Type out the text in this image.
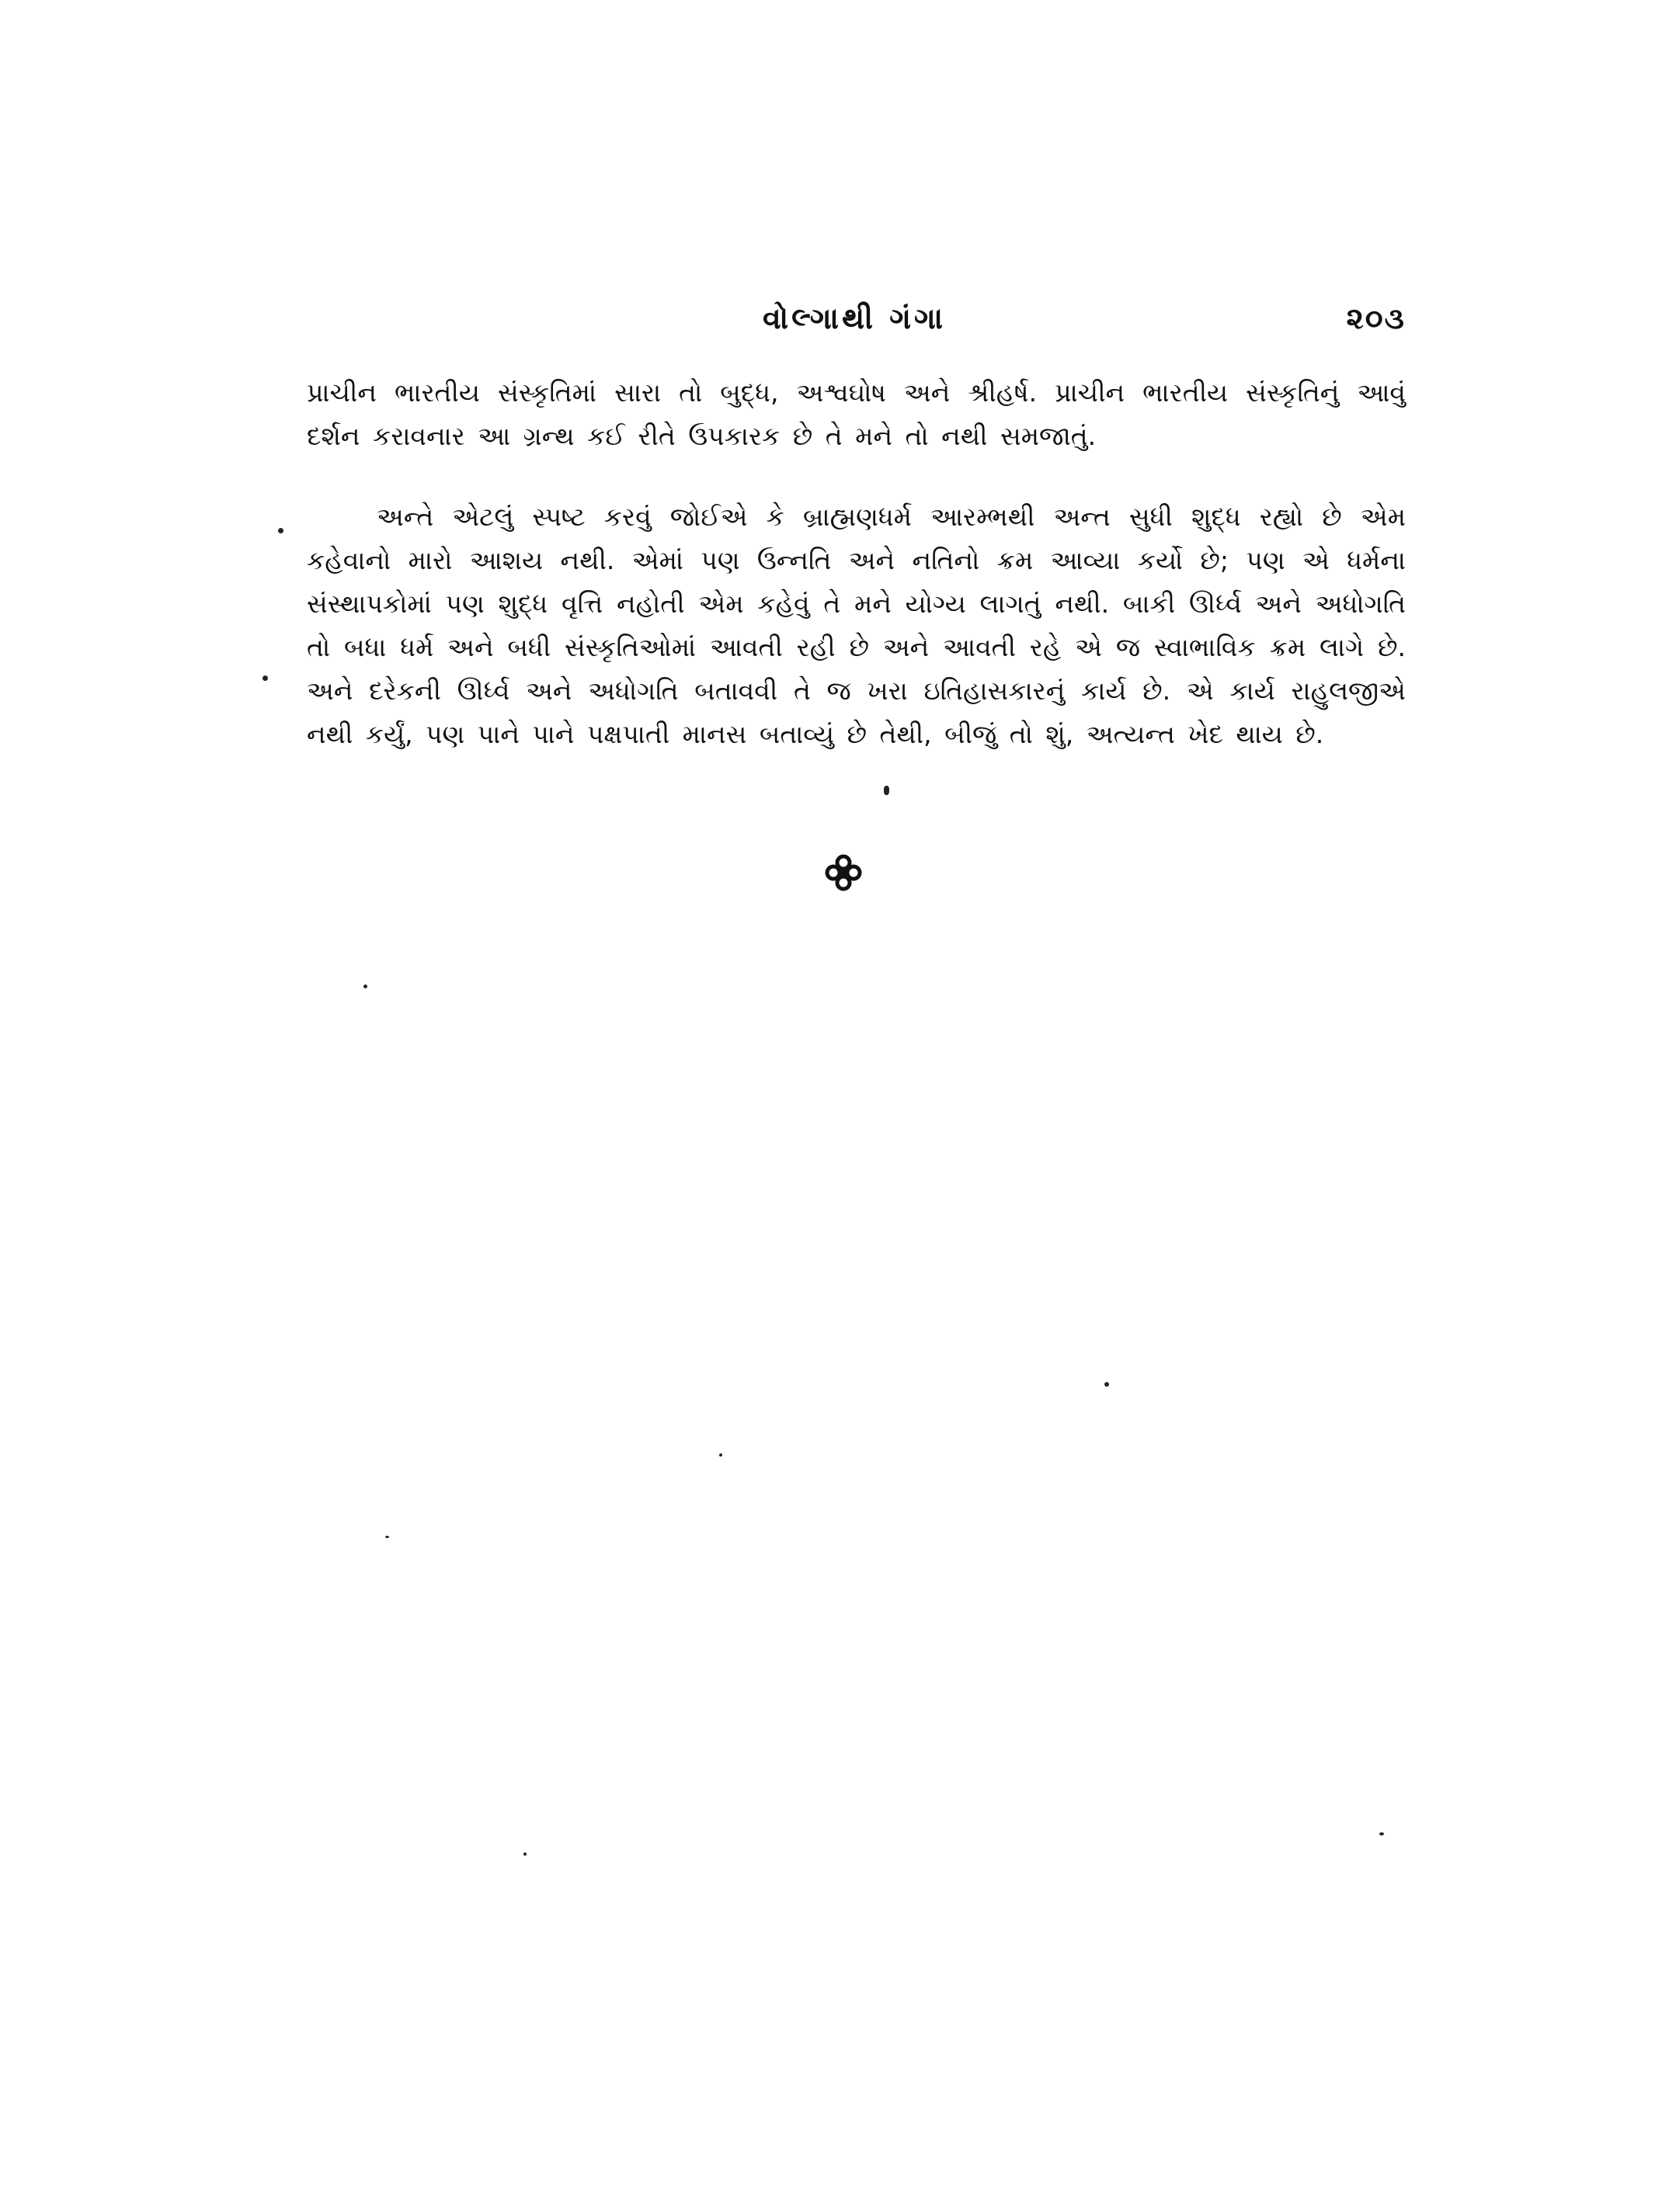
વોલ્ગાથી ગંગા	૨૦૩

પ્રાચીન ભારતીય સંસ્કૃતિમાં સારા તો બુદ્ધ, અશ્વઘોષ અને શ્રીહર્ષ. પ્રાચીન ભારતીય સંસ્કૃતિનું આવું દર્શન કરાવનાર આ ગ્રન્થ કઈ રીતે ઉપકારક છે તે મને તો નથી સમજાતું.

અન્તે એટલું સ્પષ્ટ કરવું જોઈએ કે બ્રાહ્મણધર્મ આરમ્ભથી અન્ત સુધી શુદ્ધ રહ્યો છે એમ કહેવાનો મારો આશય નથી. એમાં પણ ઉન્નતિ અને નતિનો ક્રમ આવ્યા કર્યો છે; પણ એ ધર્મના સંસ્થાપકોમાં પણ શુદ્ધ વૃત્તિ નહોતી એમ કહેવું તે મને યોગ્ય લાગતું નથી. બાકી ઊર્ધ્વ અને અધોગતિ તો બધા ધર્મ અને બધી સંસ્કૃતિઓમાં આવતી રહી છે અને આવતી રહે એ જ સ્વાભાવિક ક્રમ લાગે છે. અને દરેકની ઊર્ધ્વ અને અધોગતિ બતાવવી તે જ ખરા ઇતિહાસકારનું કાર્ય છે. એ કાર્ય રાહુલજીએ નથી કર્યું, પણ પાને પાને પક્ષપાતી માનસ બતાવ્યું છે તેથી, બીજું તો શું, અત્યન્ત ખેદ થાય છે.
